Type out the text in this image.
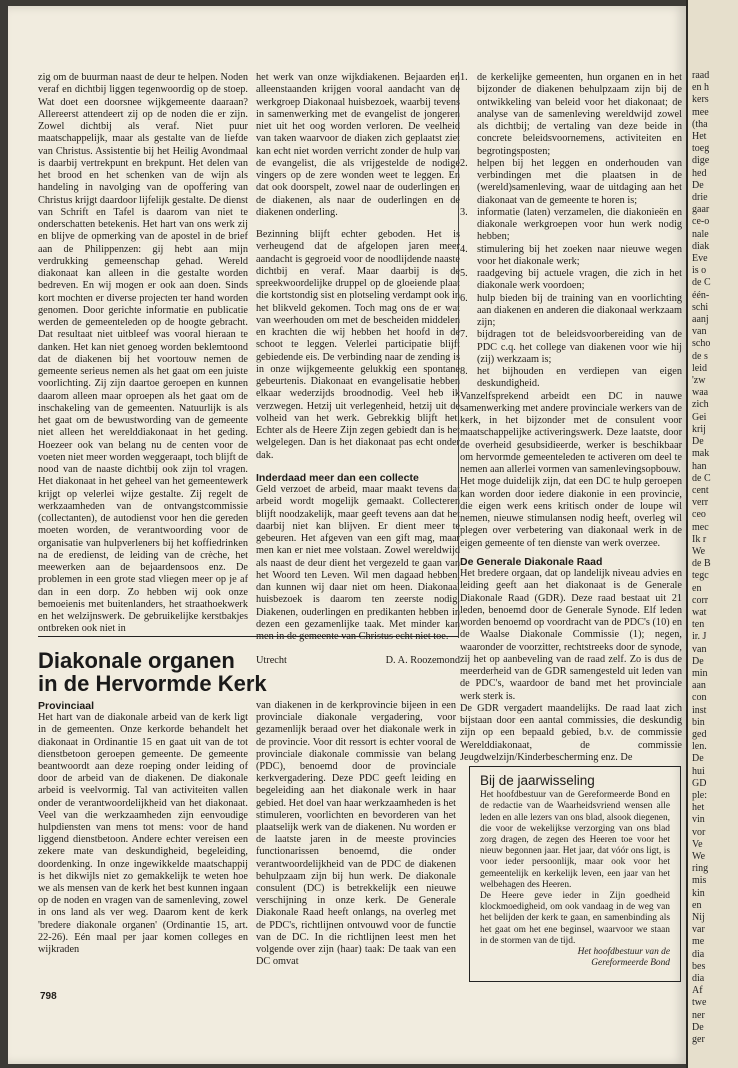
zig om de buurman naast de deur te helpen. Noden veraf en dichtbij liggen tegenwoordig op de stoep. Wat doet een doorsnee wijkgemeente daaraan? Allereerst attendeert zij op de noden die er zijn. Zowel dichtbij als veraf. Niet puur maatschappelijk, maar als gestalte van de liefde van Christus. Assistentie bij het Heilig Avondmaal is daarbij vertrekpunt en brekpunt. Het delen van het brood en het schenken van de wijn als handeling in navolging van de opoffering van Christus krijgt daardoor lijfelijk gestalte. De dienst van Schrift en Tafel is daarom van niet te onderschatten betekenis. Het hart van ons werk zij en blijve de opmerking van de apostel in de brief aan de Philippenzen: gij hebt aan mijn verdrukking gemeenschap gehad. Wereld diakonaat kan alleen in die gestalte worden bedreven. En wij mogen er ook aan doen. Sinds kort mochten er diverse projecten ter hand worden genomen. Door gerichte informatie en publicatie werden de gemeenteleden op de hoogte gebracht. Dat resultaat niet uitbleef was vooral hieraan te danken. Het kan niet genoeg worden beklemtoond dat de diakenen bij het voortouw nemen de gemeente serieus nemen als het gaat om een juiste voorlichting. Zij zijn daartoe geroepen en kunnen daarom alleen maar oproepen als het gaat om de inschakeling van de gemeenten. Natuurlijk is als het gaat om de bewustwording van de gemeente niet alleen het werelddiakonaat in het geding. Hoezeer ook van belang nu de centen voor de voeten niet meer worden weggeraapt, toch blijft de nood van de naaste dichtbij ook zijn tol vragen. Het diakonaat in het geheel van het gemeentewerk krijgt op velerlei wijze gestalte. Zij regelt de werkzaamheden van de ontvangstcommissie (collectanten), de autodienst voor hen die gereden moeten worden, de verantwoording voor de organisatie van hulpverleners bij het koffiedrinken na de eredienst, de leiding van de crèche, het meewerken aan de bejaardensoos enz. De problemen in een grote stad vliegen meer op je af dan in een dorp. Zo hebben wij ook onze bemoeienis met buitenlanders, het straathoekwerk en het welzijnswerk. De gebruikelijke kerstbakjes ontbreken ook niet in

het werk van onze wijkdiakenen. Bejaarden en alleenstaanden krijgen vooral aandacht van de werkgroep Diakonaal huisbezoek, waarbij tevens in samenwerking met de evangelist de jongeren niet uit het oog worden verloren. De veelheid van taken waarvoor de diaken zich geplaatst ziet kan echt niet worden verricht zonder de hulp van de evangelist, die als vrijgestelde de nodige vingers op de zere wonden weet te leggen. En dat ook doorspelt, zowel naar de ouderlingen en de diakenen, als naar de ouderlingen en de diakenen onderling.

Bezinning blijft echter geboden. Het is verheugend dat de afgelopen jaren meer aandacht is gegroeid voor de noodlijdende naaste dichtbij en veraf. Maar daarbij is de spreekwoordelijke druppel op de gloeiende plaat die kortstondig sist en plotseling verdampt ook in het blikveld gekomen. Toch mag ons de er wat van weerhouden om met de bescheiden middelen en krachten die wij hebben het hoofd in de schoot te leggen. Velerlei participatie blijft gebiedende eis. De verbinding naar de zending is in onze wijkgemeente gelukkig een spontane gebeurtenis. Diakonaat en evangelisatie hebben elkaar wederzijds broodnodig. Veel heb ik verzwegen. Hetzij uit verlegenheid, hetzij uit de volheid van het werk. Gebrekkig blijft het. Echter als de Heere Zijn zegen gebiedt dan is het welgelegen. Dan is het diakonaat pas echt onder dak.

Inderdaad meer dan een collecte

Geld verzoet de arbeid, maar maakt tevens dat arbeid wordt mogelijk gemaakt. Collecteren blijft noodzakelijk, maar geeft tevens aan dat het daarbij niet kan blijven. Er dient meer te gebeuren. Het afgeven van een gift mag, maar men kan er niet mee volstaan. Zowel wereldwijd als naast de deur dient het vergezeld te gaan van het Woord ten Leven. Wil men dagaad hebben, dan kunnen wij daar niet om heen. Diakonaal huisbezoek is daarom ten zeerste nodig. Diakenen, ouderlingen en predikanten hebben in dezen een gezamenlijke taak. Met minder kan men in de gemeente van Christus echt niet toe.

Utrecht	D. A. Roozemond
1. de kerkelijke gemeenten, hun organen en in het bijzonder de diakenen behulpzaam zijn bij de ontwikkeling van beleid voor het diakonaat; de analyse van de samenleving wereldwijd zowel als dichtbij; de vertaling van deze beide in concrete beleidsvoornemens, activiteiten en begrotingsposten;
2. helpen bij het leggen en onderhouden van verbindingen met die plaatsen in de (wereld)samenleving, waar de uitdaging aan het diakonaat van de gemeente te horen is;
3. informatie (laten) verzamelen, die diakonieën en diakonale werkgroepen voor hun werk nodig hebben;
4. stimulering bij het zoeken naar nieuwe wegen voor het diakonale werk;
5. raadgeving bij actuele vragen, die zich in het diakonale werk voordoen;
6. hulp bieden bij de training van en voorlichting aan diakenen en anderen die diakonaal werkzaam zijn;
7. bijdragen tot de beleidsvoorbereiding van de PDC c.q. het college van diakenen voor wie hij (zij) werkzaam is;
8. het bijhouden en verdiepen van eigen deskundigheid.

Vanzelfsprekend arbeidt een DC in nauwe samenwerking met andere provinciale werkers van de kerk, in het bijzonder met de consulent voor maatschappelijke activeringswerk. Deze laatste, door de overheid gesubsidieerde, werker is beschikbaar om hervormde gemeenteleden te activeren om deel te nemen aan allerlei vormen van samenlevingsopbouw.

Het moge duidelijk zijn, dat een DC te hulp geroepen kan worden door iedere diakonie in een provincie, die eigen werk eens kritisch onder de loupe wil nemen, nieuwe stimulansen nodig heeft, overleg wil plegen over verbetering van diakonaal werk in de eigen gemeente of ten dienste van werk overzee.

De Generale Diakonale Raad

Het bredere orgaan, dat op landelijk niveau advies en leiding geeft aan het diakonaat is de Generale Diakonale Raad (GDR). Deze raad bestaat uit 21 leden, benoemd door de Generale Synode. Elf leden worden benoemd op voordracht van de PDC's (10) en de Waalse Diakonale Commissie (1); negen, waaronder de voorzitter, rechtstreeks door de synode, zij het op aanbeveling van de raad zelf. Zo is dus de meerderheid van de GDR samengesteld uit leden van de PDC's, waardoor de band met het provinciale werk sterk is.

De GDR vergadert maandelijks. De raad laat zich bijstaan door een aantal commissies, die deskundig zijn op een bepaald gebied, b.v. de commissie Werelddiakonaat, de commissie Jeugdwelzijn/Kinderbescherming enz. De

Diakonale organen
in de Hervormde Kerk
Provinciaal

Het hart van de diakonale arbeid van de kerk ligt in de gemeenten. Onze kerkorde behandelt het diakonaat in Ordinantie 15 en gaat uit van de tot dienstbetoon geroepen gemeente. De gemeente beantwoordt aan deze roeping onder leiding of door de arbeid van de diakenen. De diakonale arbeid is veelvormig. Tal van activiteiten vallen onder de verantwoordelijkheid van het diakonaat. Veel van die werkzaamheden zijn eenvoudige hulpdiensten van mens tot mens: voor de hand liggend dienstbetoon. Andere echter vereisen een zekere mate van deskundigheid, begeleiding, doordenking. In onze ingewikkelde maatschappij is het dikwijls niet zo gemakkelijk te weten hoe we als mensen van de kerk het best kunnen ingaan op de noden en vragen van de samenleving, zowel in ons land als ver weg. Daarom kent de kerk 'bredere diakonale organen' (Ordinantie 15, art. 22-26). Eén maal per jaar komen colleges en wijkraden

van diakenen in de kerkprovincie bijeen in een provinciale diakonale vergadering, voor gezamenlijk beraad over het diakonale werk in de provincie. Voor dit ressort is echter vooral de provinciale diakonale commissie van belang (PDC), benoemd door de provinciale kerkvergadering. Deze PDC geeft leiding en begeleiding aan het diakonale werk in haar gebied. Het doel van haar werkzaamheden is het stimuleren, voorlichten en bevorderen van het plaatselijk werk van de diakenen. Nu worden er de laatste jaren in de meeste provincies functionarissen benoemd, die onder verantwoordelijkheid van de PDC de diakenen behulpzaam zijn bij hun werk. De diakonale consulent (DC) is betrekkelijk een nieuwe verschijning in onze kerk. De Generale Diakonale Raad heeft onlangs, na overleg met de PDC's, richtlijnen ontvouwd voor de functie van de DC. In die richtlijnen leest men het volgende over zijn (haar) taak: De taak van een DC omvat

Bij de jaarwisseling

Het hoofdbestuur van de Gereformeerde Bond en de redactie van de Waarheidsvriend wensen alle leden en alle lezers van ons blad, alsook diegenen, die voor de wekelijkse verzorging van ons blad zorg dragen, de zegen des Heeren toe voor het nieuw begonnen jaar. Het jaar, dat vóór ons ligt, is voor ieder persoonlijk, maar ook voor het gemeentelijk en kerkelijk leven, een jaar van het welbehagen des Heeren.

De Heere geve ieder in Zijn goedheid klockmoedigheid, om ook vandaag in de weg van het belijden der kerk te gaan, en samenbinding als het gaat om het ene beginsel, waarvoor we staan in de stormen van de tijd.

Het hoofdbestuur van de

Gereformeerde Bond

798
raad
en h
kers
mee
(tha
Het
toeg
dige
hed
De
drie
gaar
ce-o
nale
diak
Eve
is o
de C
één-
schi
aanj
van
scho
de s
leid
'zw
waa
zich
Gei
krij
De
mak
han
de C
cent
verr
ceo
mec
Ik r
We
de B
tegc
en
corr
wat
ten
ir. J
van
De
min
aan
con
inst
bin
ged
len.
De
hui
GD
ple:
het
vin
vor
Ve
We
ring
mis
kin
en
Nij
var
me
dia
bes
dia
Af
twe
ner
De
ger
